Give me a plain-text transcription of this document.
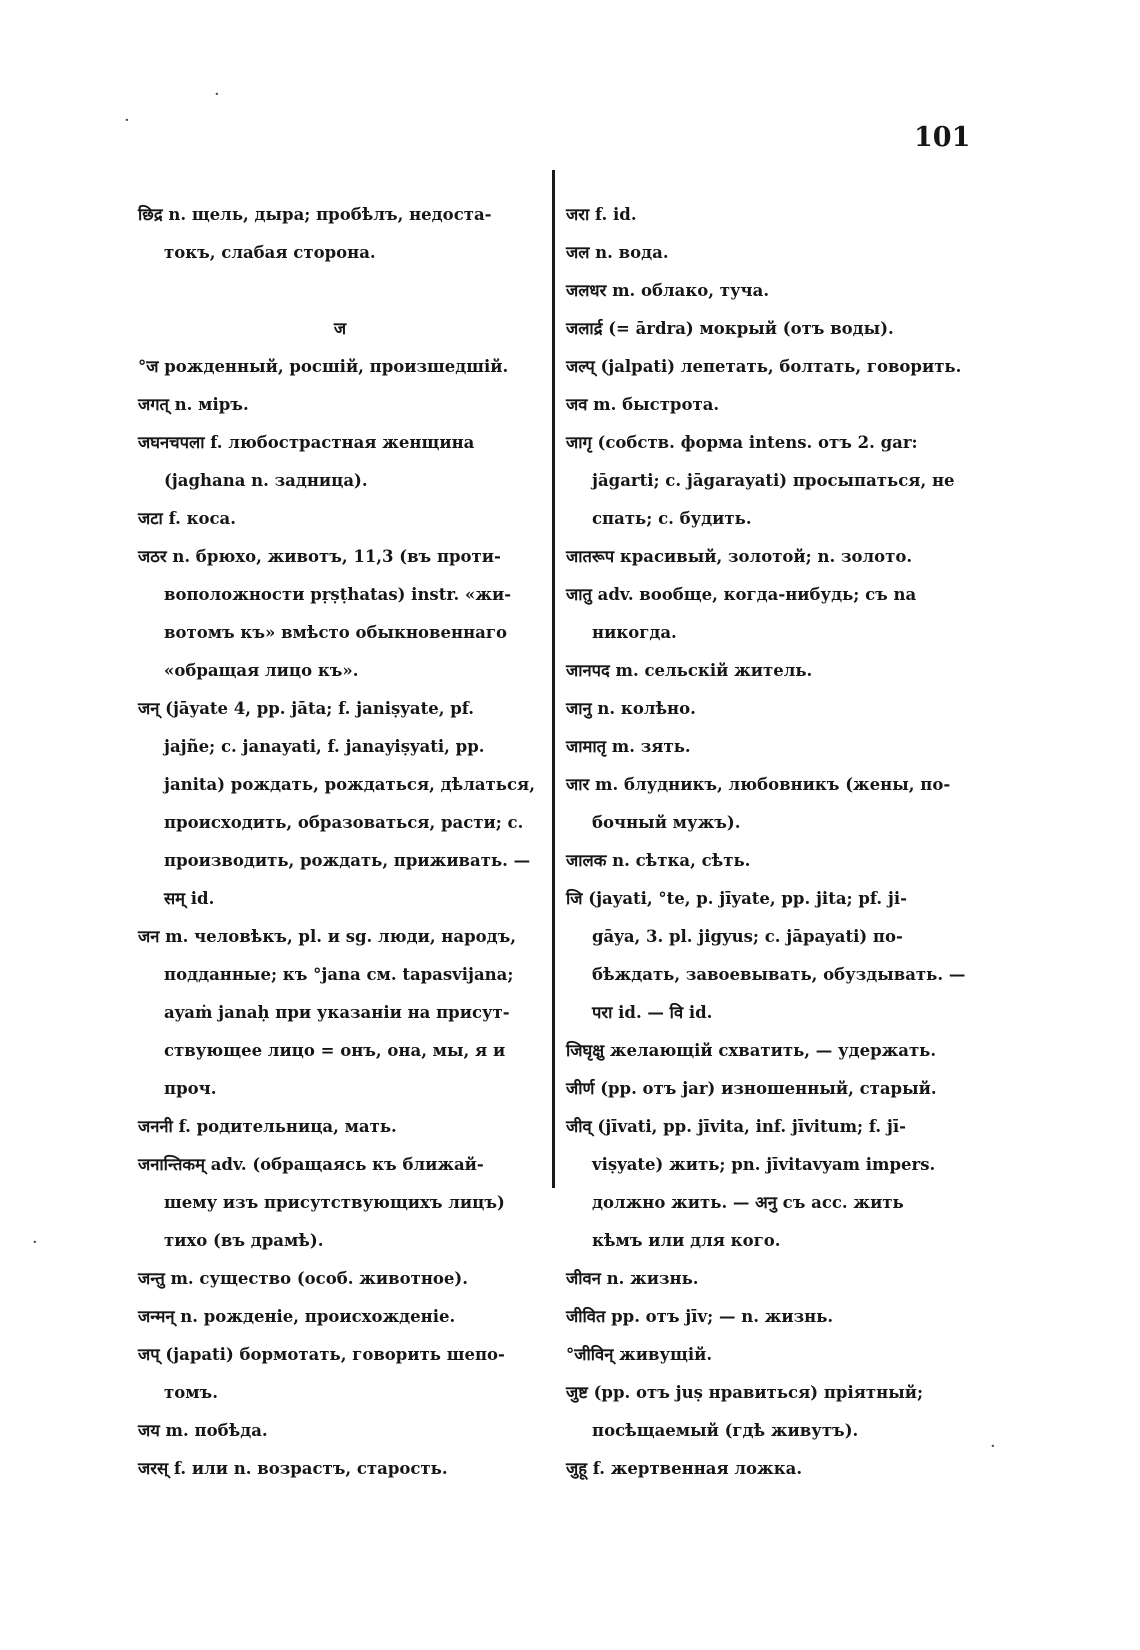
101

छिद्र n. щель, дыра; пробѣлъ, недоста-
токъ, слабая сторона.

ज

°ज рожденный, росшій, произшедшій.

जगत् n. міръ.

जघनचपला f. любострастная женщина
(jaghana n. задница).

जटा f. коса.

जठर n. брюхо, животъ, 11,3 (въ проти-
воположности pṛṣṭhatas) instr. «жи-
вотомъ къ» вмѣсто обыкновеннаго
«обращая лицо къ».

जन् (jāyate 4, pp. jāta; f. janiṣyate, pf.
jajñe; c. janayati, f. janayiṣyati, pp.
janita) рождать, рождаться, дѣлаться,
происходить, образоваться, расти; c.
производить, рождать, приживать. —
सम् id.

जन m. человѣкъ, pl. и sg. люди, народъ,
подданные; къ °jana см. tapasvijana;
ayaṁ janaḥ при указаніи на присут-
ствующее лицо = онъ, она, мы, я и
проч.

जननी f. родительница, мать.

जनान्तिकम् adv. (обращаясь къ ближай-
шему изъ присутствующихъ лицъ)
тихо (въ драмѣ).

जन्तु m. существо (особ. животное).

जन्मन् n. рожденіе, происхожденіе.

जप् (japati) бормотать, говорить шепо-
томъ.

जय m. побѣда.

जरस् f. или n. возрастъ, старость.

जरा f. id.

जल n. вода.

जलधर m. облако, туча.

जलार्द्र (= ārdra) мокрый (отъ воды).

जल्प् (jalpati) лепетать, болтать, говорить.

जव m. быстрота.

जागृ (собств. форма intens. отъ 2. gar:
jāgarti; c. jāgarayati) просыпаться, не
спать; c. будить.

जातरूप красивый, золотой; n. золото.

जातु adv. вообще, когда-нибудь; съ na
никогда.

जानपद m. сельскій житель.

जानु n. колѣно.

जामातृ m. зять.

जार m. блудникъ, любовникъ (жены, по-
бочный мужъ).

जालक n. сѣтка, сѣть.

जि (jayati, °te, p. jīyate, pp. jita; pf. ji-
gāya, 3. pl. jigyus; c. jāpayati) по-
бѣждать, завоевывать, обуздывать. —
परा id. — वि id.

जिघृक्षु желающій схватить, — удержать.

जीर्ण (pp. отъ jar) изношенный, старый.

जीव् (jīvati, pp. jīvita, inf. jīvitum; f. jī-
viṣyate) жить; pn. jīvitavyam impers.
должно жить. — अनु съ acc. жить
кѣмъ или для кого.

जीवन n. жизнь.

जीवित pp. отъ jīv; — n. жизнь.

°जीविन् живущій.

जुष्ट (pp. отъ juṣ нравиться) пріятный;
посѣщаемый (гдѣ живутъ).

जुहू f. жертвенная ложка.

·
·
·
·
